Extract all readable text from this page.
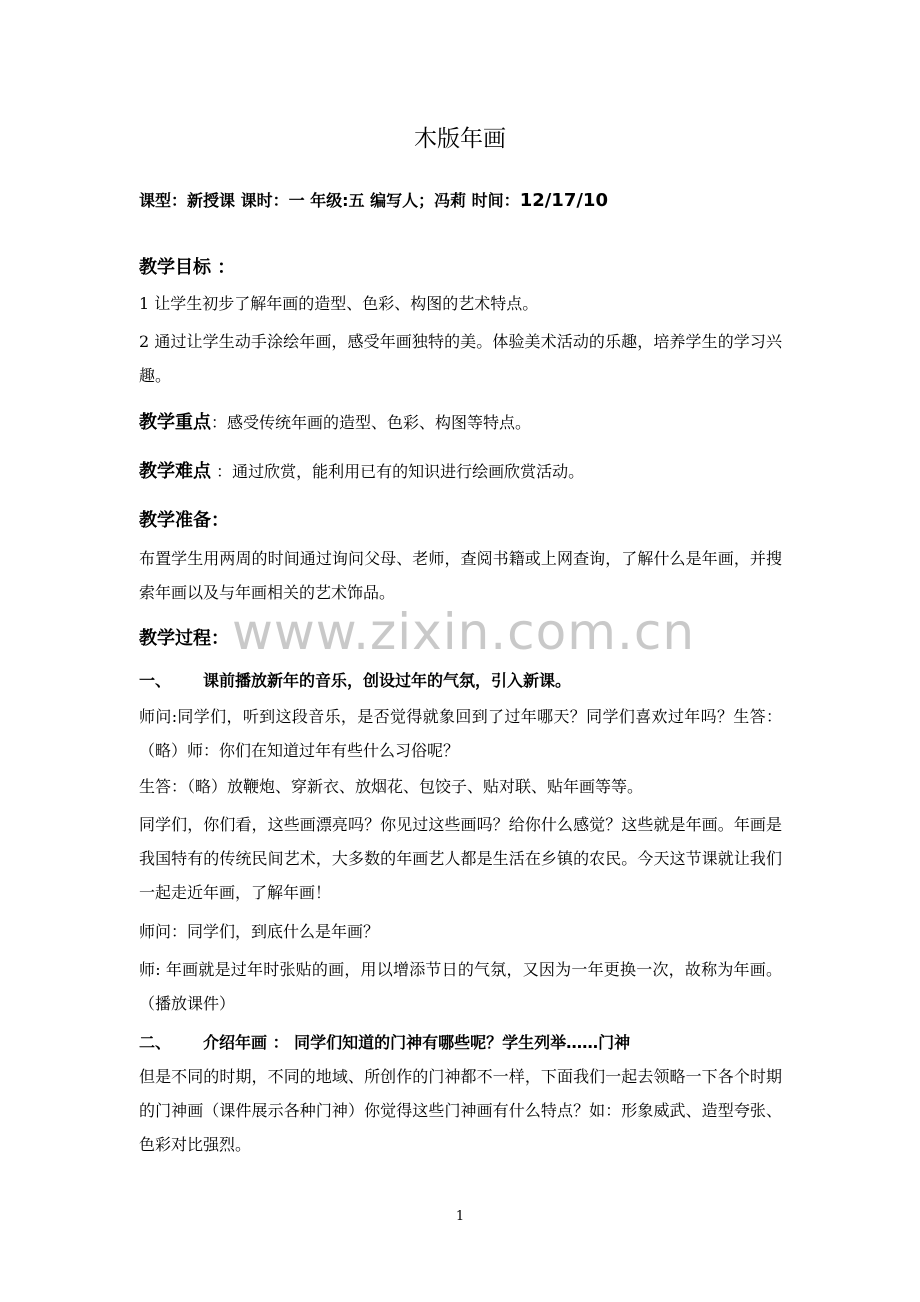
木版年画
课型：新授课 课时：一 年级:五 编写人；冯莉 时间：12/17/10
教学目标 ：
1 让学生初步了解年画的造型、色彩、构图的艺术特点。
2 通过让学生动手涂绘年画，感受年画独特的美。体验美术活动的乐趣，培养学生的学习兴趣。
教学重点：感受传统年画的造型、色彩、构图等特点。
教学难点 ：通过欣赏，能利用已有的知识进行绘画欣赏活动。
教学准备：
布置学生用两周的时间通过询问父母、老师，查阅书籍或上网查询，了解什么是年画，并搜索年画以及与年画相关的艺术饰品。
教学过程：
一、 课前播放新年的音乐，创设过年的气氛，引入新课。
师问:同学们，听到这段音乐，是否觉得就象回到了过年哪天？同学们喜欢过年吗？生答：（略）师：你们在知道过年有些什么习俗呢？
生答：（略）放鞭炮、穿新衣、放烟花、包饺子、贴对联、贴年画等等。
同学们，你们看，这些画漂亮吗？你见过这些画吗？给你什么感觉？这些就是年画。年画是我国特有的传统民间艺术，大多数的年画艺人都是生活在乡镇的农民。今天这节课就让我们一起走近年画，了解年画！
师问：同学们，到底什么是年画？
师: 年画就是过年时张贴的画，用以增添节日的气氛，又因为一年更换一次，故称为年画。（播放课件）
二、 介绍年画 ： 同学们知道的门神有哪些呢？学生列举……门神
但是不同的时期，不同的地域、所创作的门神都不一样，下面我们一起去领略一下各个时期的门神画（课件展示各种门神）你觉得这些门神画有什么特点？如：形象威武、造型夸张、色彩对比强烈。
www.zixin.com.cn
1
